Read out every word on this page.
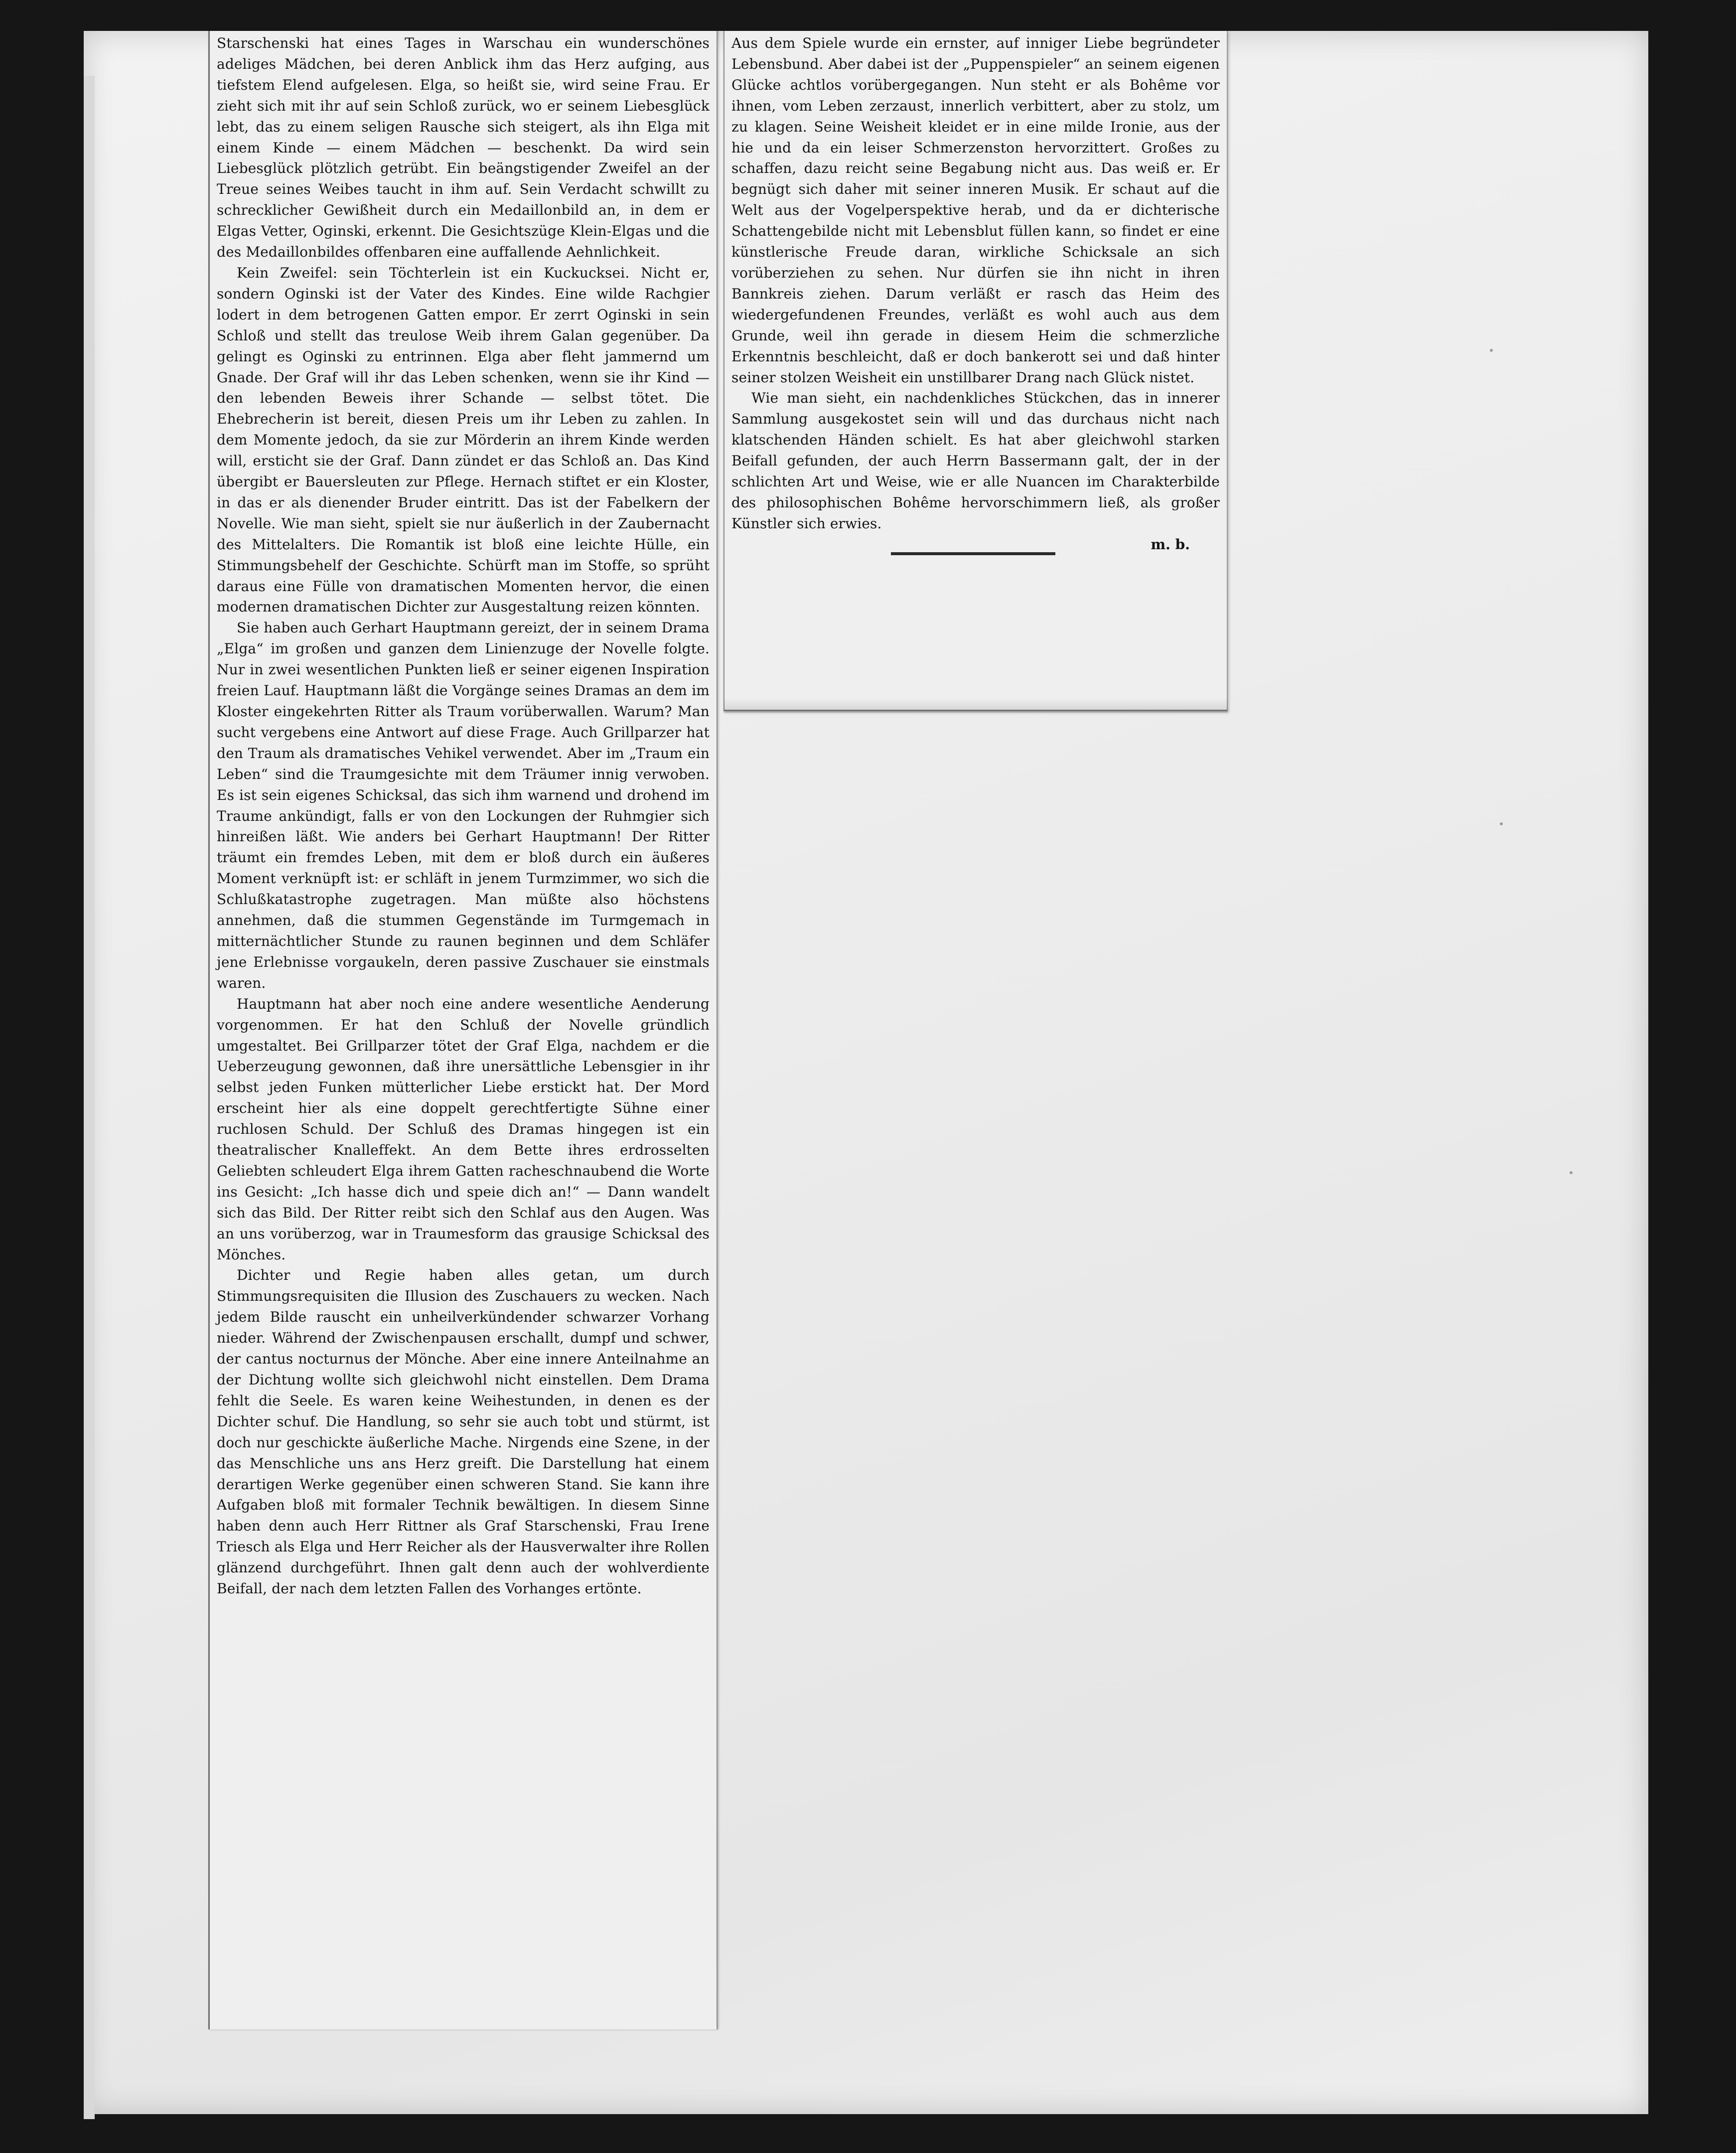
Starschenski hat eines Tages in Warschau ein wunderschönes adeliges Mädchen, bei deren Anblick ihm das Herz aufging, aus tiefstem Elend aufgelesen. Elga, so heißt sie, wird seine Frau. Er zieht sich mit ihr auf sein Schloß zurück, wo er seinem Liebesglück lebt, das zu einem seligen Rausche sich steigert, als ihn Elga mit einem Kinde — einem Mädchen — beschenkt. Da wird sein Liebesglück plötzlich getrübt. Ein beängstigender Zweifel an der Treue seines Weibes taucht in ihm auf. Sein Verdacht schwillt zu schrecklicher Gewißheit durch ein Medaillonbild an, in dem er Elgas Vetter, Oginski, erkennt. Die Gesichtszüge Klein-Elgas und die des Medaillonbildes offenbaren eine auffallende Aehnlichkeit.

Kein Zweifel: sein Töchterlein ist ein Kuckucksei. Nicht er, sondern Oginski ist der Vater des Kindes. Eine wilde Rachgier lodert in dem betrogenen Gatten empor. Er zerrt Oginski in sein Schloß und stellt das treulose Weib ihrem Galan gegenüber. Da gelingt es Oginski zu entrinnen. Elga aber fleht jammernd um Gnade. Der Graf will ihr das Leben schenken, wenn sie ihr Kind — den lebenden Beweis ihrer Schande — selbst tötet. Die Ehebrecherin ist bereit, diesen Preis um ihr Leben zu zahlen. In dem Momente jedoch, da sie zur Mörderin an ihrem Kinde werden will, ersticht sie der Graf. Dann zündet er das Schloß an. Das Kind übergibt er Bauersleuten zur Pflege. Hernach stiftet er ein Kloster, in das er als dienender Bruder eintritt. Das ist der Fabelkern der Novelle. Wie man sieht, spielt sie nur äußerlich in der Zaubernacht des Mittelalters. Die Romantik ist bloß eine leichte Hülle, ein Stimmungsbehelf der Geschichte. Schürft man im Stoffe, so sprüht daraus eine Fülle von dramatischen Momenten hervor, die einen modernen dramatischen Dichter zur Ausgestaltung reizen könnten.

Sie haben auch Gerhart Hauptmann gereizt, der in seinem Drama „Elga“ im großen und ganzen dem Linienzuge der Novelle folgte. Nur in zwei wesentlichen Punkten ließ er seiner eigenen Inspiration freien Lauf. Hauptmann läßt die Vorgänge seines Dramas an dem im Kloster eingekehrten Ritter als Traum vorüberwallen. Warum? Man sucht vergebens eine Antwort auf diese Frage. Auch Grillparzer hat den Traum als dramatisches Vehikel verwendet. Aber im „Traum ein Leben“ sind die Traumgesichte mit dem Träumer innig verwoben. Es ist sein eigenes Schicksal, das sich ihm warnend und drohend im Traume ankündigt, falls er von den Lockungen der Ruhmgier sich hinreißen läßt. Wie anders bei Gerhart Hauptmann! Der Ritter träumt ein fremdes Leben, mit dem er bloß durch ein äußeres Moment verknüpft ist: er schläft in jenem Turmzimmer, wo sich die Schlußkatastrophe zugetragen. Man müßte also höchstens annehmen, daß die stummen Gegenstände im Turmgemach in mitternächtlicher Stunde zu raunen beginnen und dem Schläfer jene Erlebnisse vorgaukeln, deren passive Zuschauer sie einstmals waren.

Hauptmann hat aber noch eine andere wesentliche Aenderung vorgenommen. Er hat den Schluß der Novelle gründlich umgestaltet. Bei Grillparzer tötet der Graf Elga, nachdem er die Ueberzeugung gewonnen, daß ihre unersättliche Lebensgier in ihr selbst jeden Funken mütterlicher Liebe erstickt hat. Der Mord erscheint hier als eine doppelt gerechtfertigte Sühne einer ruchlosen Schuld. Der Schluß des Dramas hingegen ist ein theatralischer Knalleffekt. An dem Bette ihres erdrosselten Geliebten schleudert Elga ihrem Gatten racheschnaubend die Worte ins Gesicht: „Ich hasse dich und speie dich an!“ — Dann wandelt sich das Bild. Der Ritter reibt sich den Schlaf aus den Augen. Was an uns vorüberzog, war in Traumesform das grausige Schicksal des Mönches.

Dichter und Regie haben alles getan, um durch Stimmungsrequisiten die Illusion des Zuschauers zu wecken. Nach jedem Bilde rauscht ein unheilverkündender schwarzer Vorhang nieder. Während der Zwischenpausen erschallt, dumpf und schwer, der cantus nocturnus der Mönche. Aber eine innere Anteilnahme an der Dichtung wollte sich gleichwohl nicht einstellen. Dem Drama fehlt die Seele. Es waren keine Weihestunden, in denen es der Dichter schuf. Die Handlung, so sehr sie auch tobt und stürmt, ist doch nur geschickte äußerliche Mache. Nirgends eine Szene, in der das Menschliche uns ans Herz greift. Die Darstellung hat einem derartigen Werke gegenüber einen schweren Stand. Sie kann ihre Aufgaben bloß mit formaler Technik bewältigen. In diesem Sinne haben denn auch Herr Rittner als Graf Starschenski, Frau Irene Triesch als Elga und Herr Reicher als der Hausverwalter ihre Rollen glänzend durchgeführt. Ihnen galt denn auch der wohlverdiente Beifall, der nach dem letzten Fallen des Vorhanges ertönte.

Aus dem Spiele wurde ein ernster, auf inniger Liebe begründeter Lebensbund. Aber dabei ist der „Puppenspieler“ an seinem eigenen Glücke achtlos vorübergegangen. Nun steht er als Bohême vor ihnen, vom Leben zerzaust, innerlich verbittert, aber zu stolz, um zu klagen. Seine Weisheit kleidet er in eine milde Ironie, aus der hie und da ein leiser Schmerzenston hervorzittert. Großes zu schaffen, dazu reicht seine Begabung nicht aus. Das weiß er. Er begnügt sich daher mit seiner inneren Musik. Er schaut auf die Welt aus der Vogelperspektive herab, und da er dichterische Schattengebilde nicht mit Lebensblut füllen kann, so findet er eine künstlerische Freude daran, wirkliche Schicksale an sich vorüberziehen zu sehen. Nur dürfen sie ihn nicht in ihren Bannkreis ziehen. Darum verläßt er rasch das Heim des wiedergefundenen Freundes, verläßt es wohl auch aus dem Grunde, weil ihn gerade in diesem Heim die schmerzliche Erkenntnis beschleicht, daß er doch bankerott sei und daß hinter seiner stolzen Weisheit ein unstillbarer Drang nach Glück nistet.

Wie man sieht, ein nachdenkliches Stückchen, das in innerer Sammlung ausgekostet sein will und das durchaus nicht nach klatschenden Händen schielt. Es hat aber gleichwohl starken Beifall gefunden, der auch Herrn Bassermann galt, der in der schlichten Art und Weise, wie er alle Nuancen im Charakterbilde des philosophischen Bohême hervorschimmern ließ, als großer Künstler sich erwies.

m. b.
